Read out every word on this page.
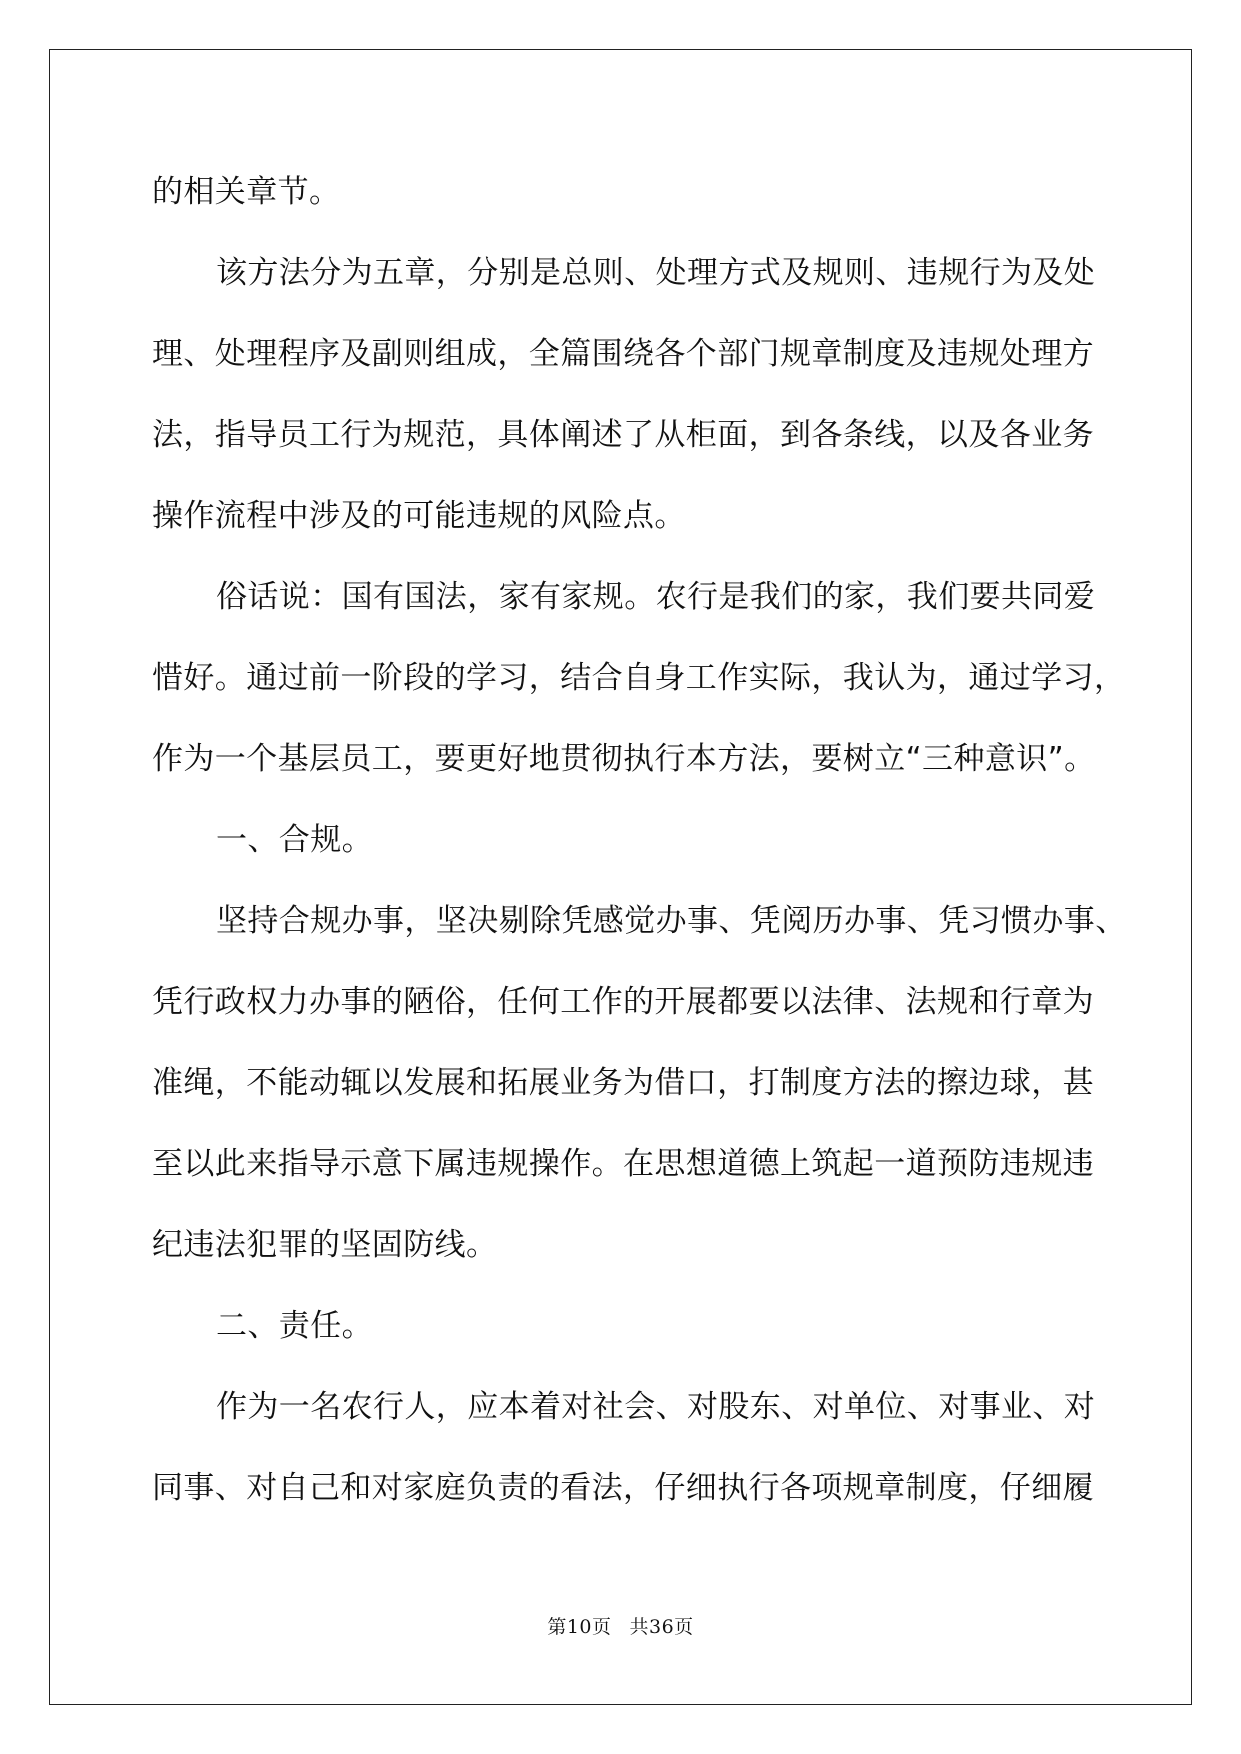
的相关章节。
该方法分为五章，分别是总则、处理方式及规则、违规行为及处
理、处理程序及副则组成，全篇围绕各个部门规章制度及违规处理方
法，指导员工行为规范，具体阐述了从柜面，到各条线，以及各业务
操作流程中涉及的可能违规的风险点。
俗话说：国有国法，家有家规。农行是我们的家，我们要共同爱
惜好。通过前一阶段的学习，结合自身工作实际，我认为，通过学习，
作为一个基层员工，要更好地贯彻执行本方法，要树立“三种意识”。
一、合规。
坚持合规办事，坚决剔除凭感觉办事、凭阅历办事、凭习惯办事、
凭行政权力办事的陋俗，任何工作的开展都要以法律、法规和行章为
准绳，不能动辄以发展和拓展业务为借口，打制度方法的擦边球，甚
至以此来指导示意下属违规操作。在思想道德上筑起一道预防违规违
纪违法犯罪的坚固防线。
二、责任。
作为一名农行人，应本着对社会、对股东、对单位、对事业、对
同事、对自己和对家庭负责的看法，仔细执行各项规章制度，仔细履
第10页 共36页
